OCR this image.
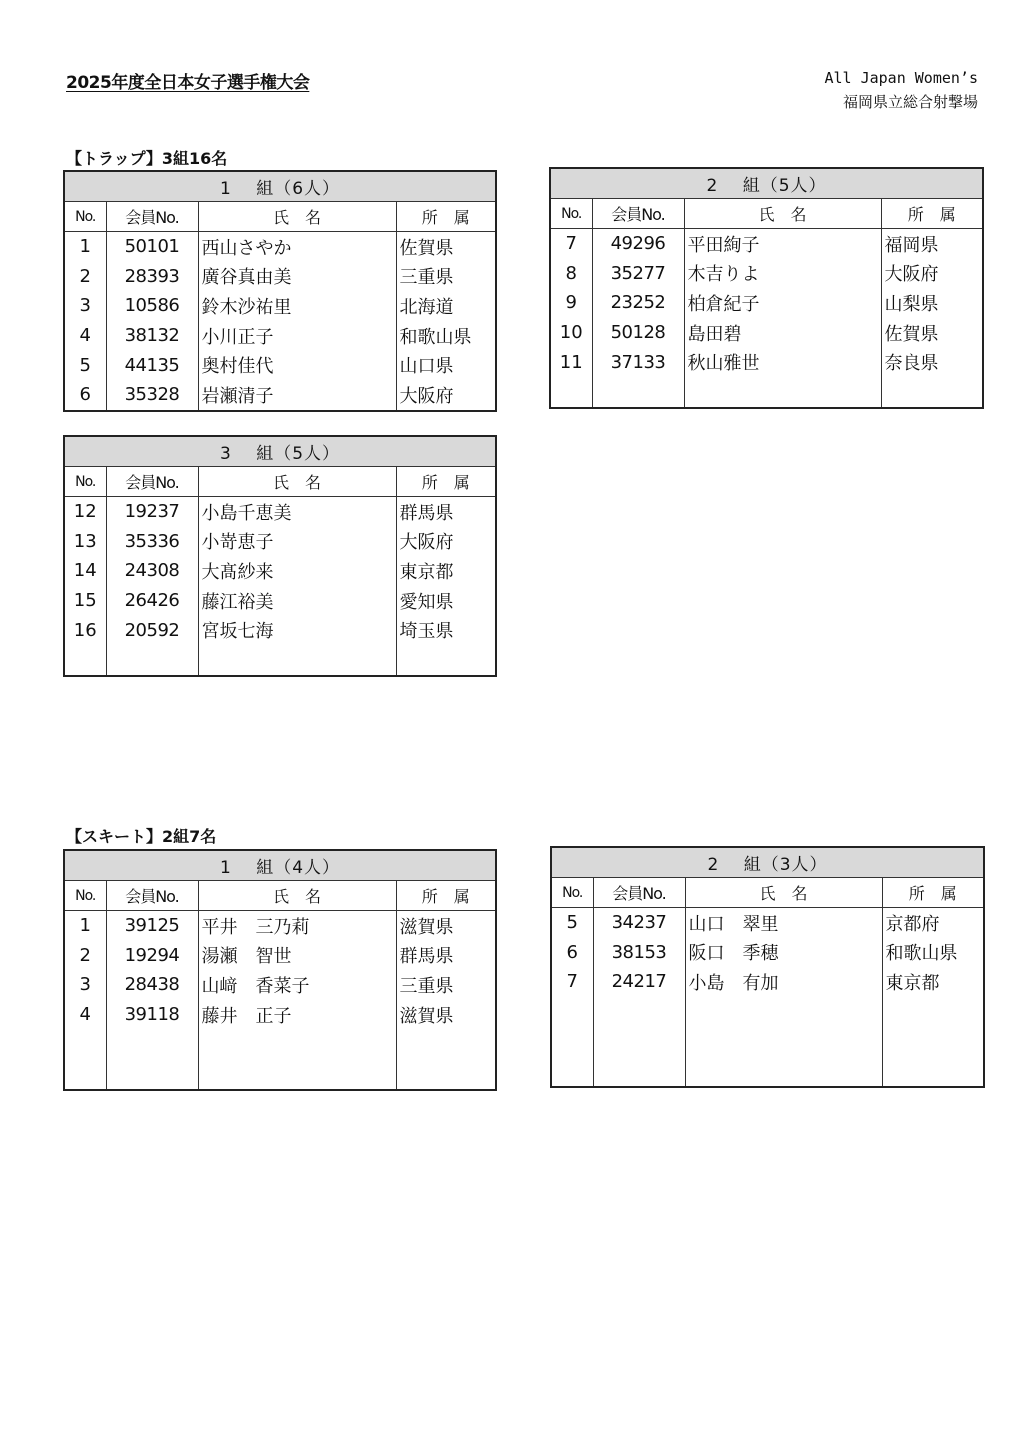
2025年度全日本女子選手権大会	All Japan Women’s
福岡県立総合射撃場
【トラップ】3組16名
【スキート】2組7名
1　 組（6人）			
No.	会員No.	氏　名	所　属
1	50101	西山さやか	佐賀県
2	28393	廣谷真由美	三重県
3	10586	鈴木沙祐里	北海道
4	38132	小川正子	和歌山県
5	44135	奥村佳代	山口県
6	35328	岩瀬清子	大阪府
2　 組（5人）			
No.	会員No.	氏　名	所　属
7	49296	平田絢子	福岡県
8	35277	木吉りよ	大阪府
9	23252	柏倉紀子	山梨県
10	50128	島田碧	佐賀県
11	37133	秋山雅世	奈良県

3　 組（5人）			
No.	会員No.	氏　名	所　属
12	19237	小島千恵美	群馬県
13	35336	小嵜恵子	大阪府
14	24308	大髙紗来	東京都
15	26426	藤江裕美	愛知県
16	20592	宮坂七海	埼玉県

1　 組（4人）			
No.	会員No.	氏　名	所　属
1	39125	平井　三乃莉	滋賀県
2	19294	湯瀬　智世	群馬県
3	28438	山﨑　香菜子	三重県
4	39118	藤井　正子	滋賀県

2　 組（3人）			
No.	会員No.	氏　名	所　属
5	34237	山口　翠里	京都府
6	38153	阪口　季穂	和歌山県
7	24217	小島　有加	東京都
